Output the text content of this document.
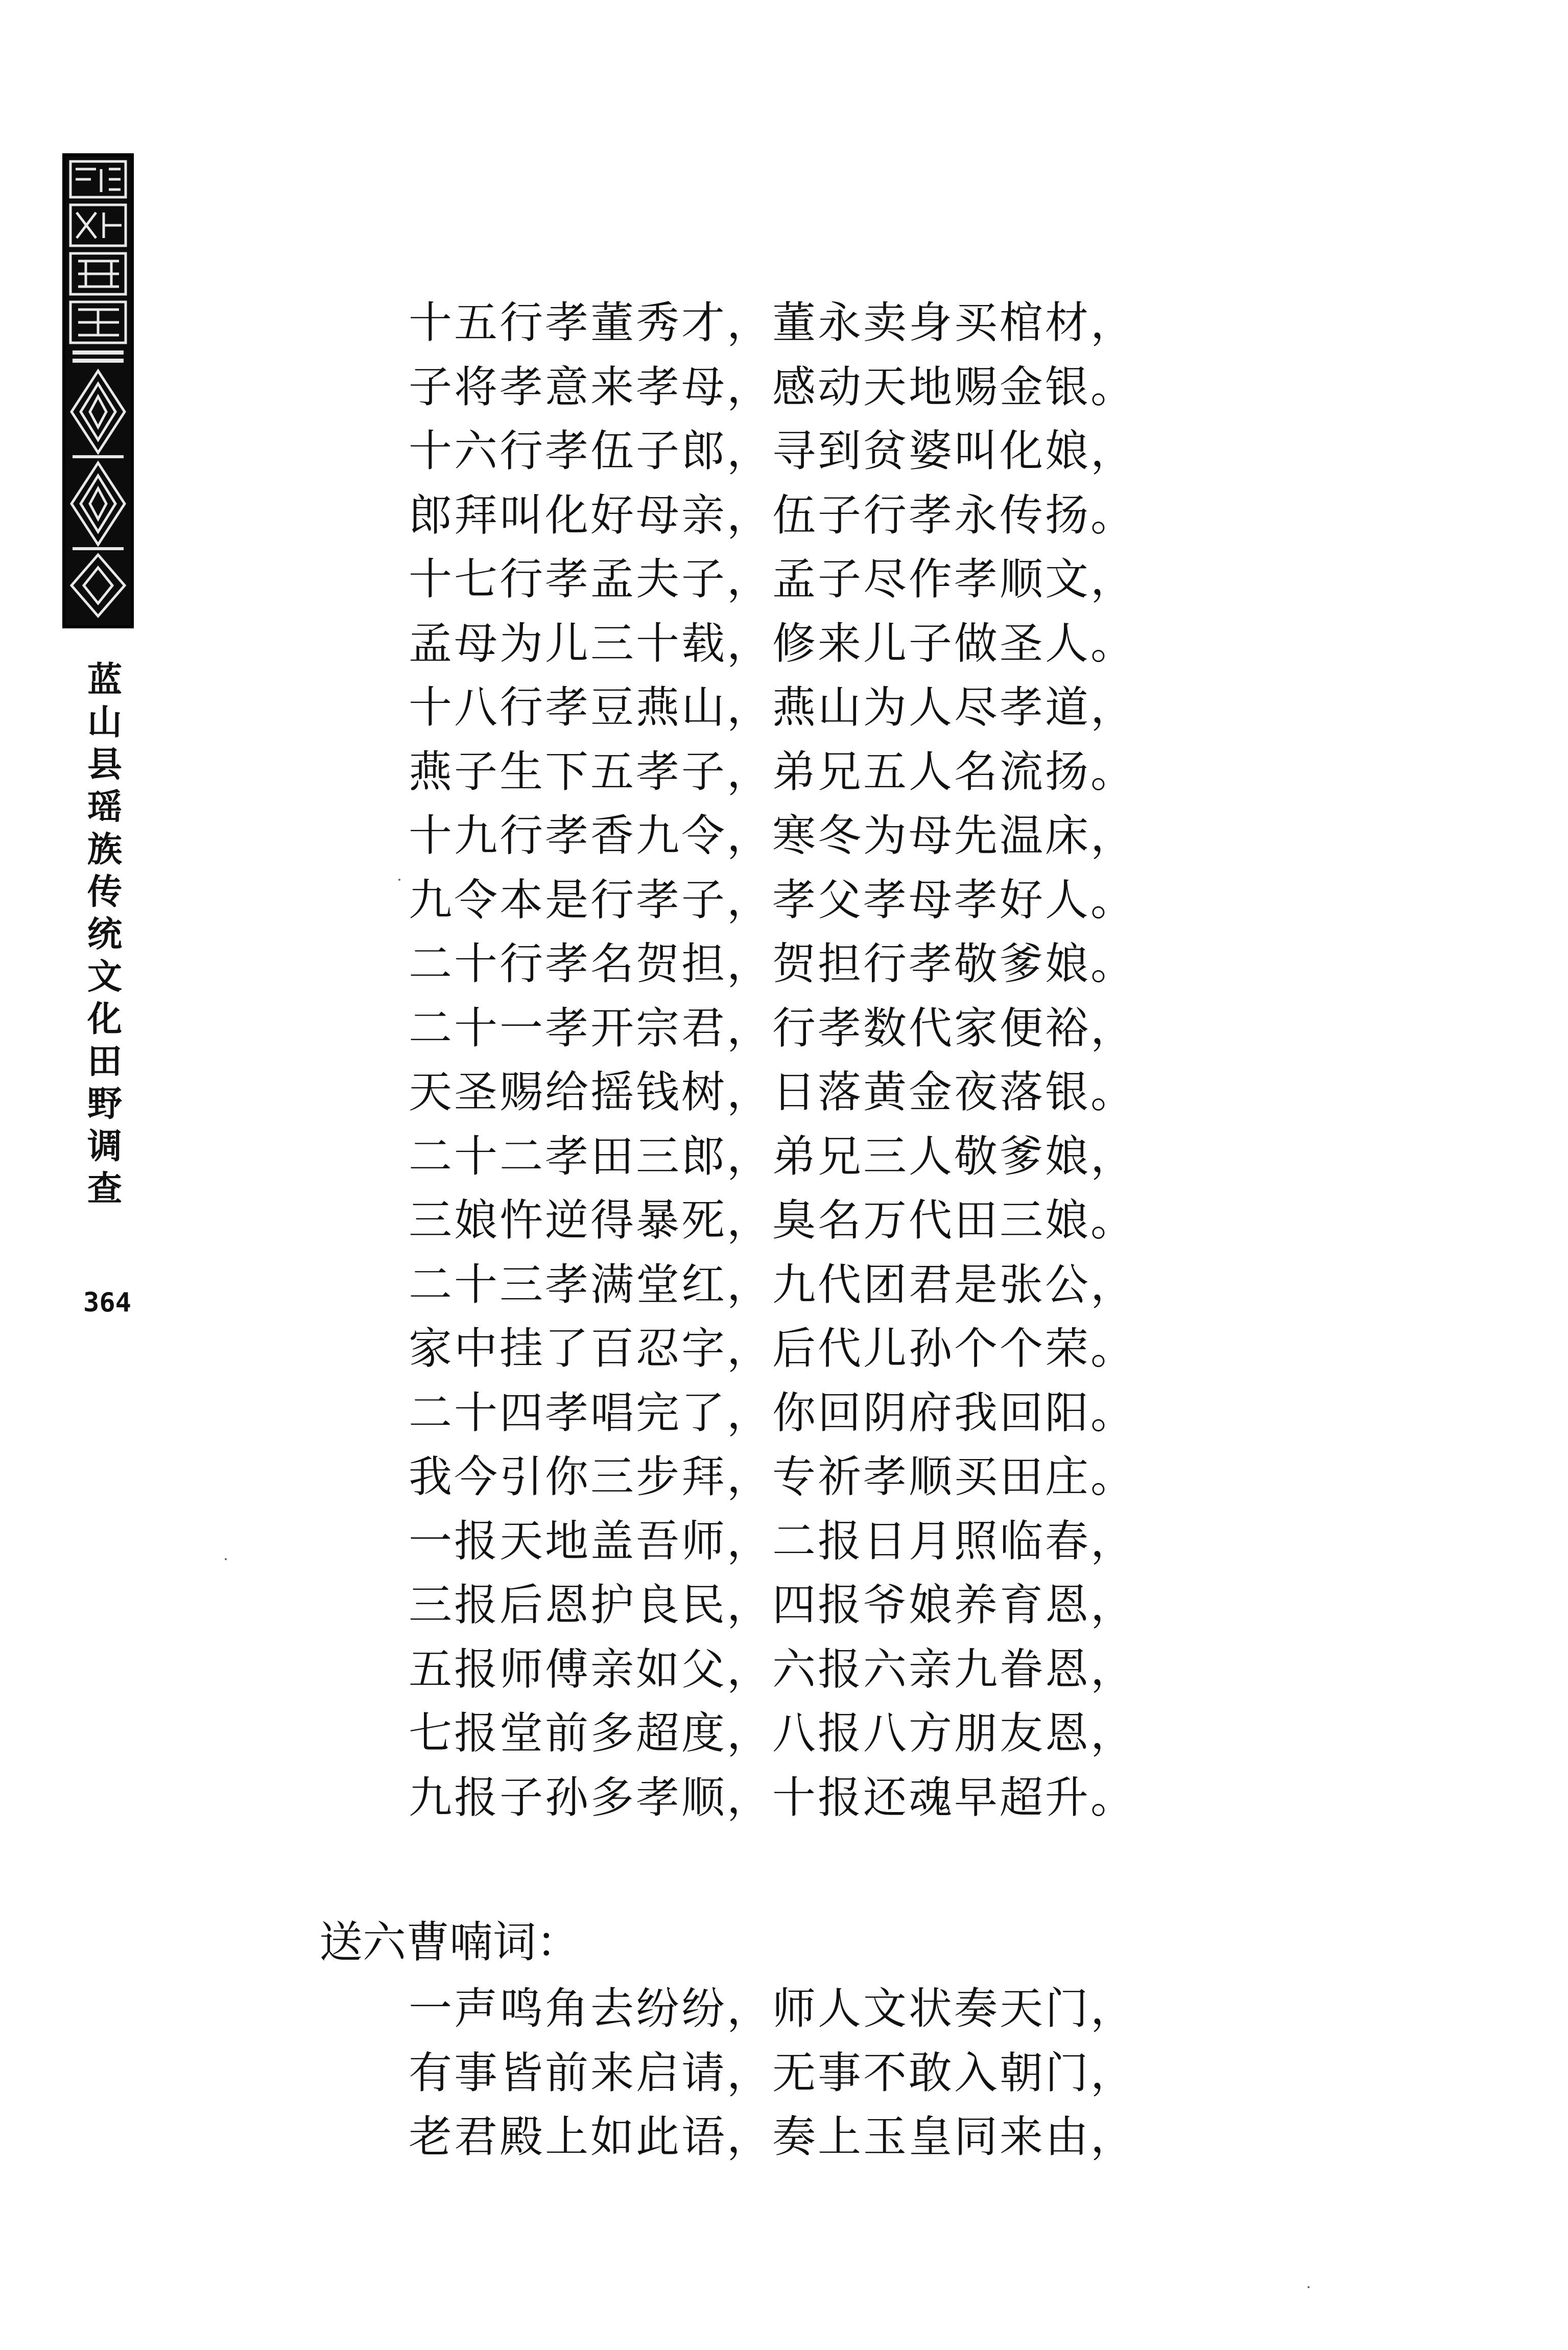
蓝山县瑶族传统文化田野调查
364
十五行孝董秀才，董永卖身买棺材，
子将孝意来孝母，感动天地赐金银。
十六行孝伍子郎，寻到贫婆叫化娘，
郎拜叫化好母亲，伍子行孝永传扬。
十七行孝孟夫子，孟子尽作孝顺文，
孟母为儿三十载，修来儿子做圣人。
十八行孝豆燕山，燕山为人尽孝道，
燕子生下五孝子，弟兄五人名流扬。
十九行孝香九令，寒冬为母先温床，
九令本是行孝子，孝父孝母孝好人。
二十行孝名贺担，贺担行孝敬爹娘。
二十一孝开宗君，行孝数代家便裕，
天圣赐给摇钱树，日落黄金夜落银。
二十二孝田三郎，弟兄三人敬爹娘，
三娘忤逆得暴死，臭名万代田三娘。
二十三孝满堂红，九代团君是张公，
家中挂了百忍字，后代儿孙个个荣。
二十四孝唱完了，你回阴府我回阳。
我今引你三步拜，专祈孝顺买田庄。
一报天地盖吾师，二报日月照临春，
三报后恩护良民，四报爷娘养育恩，
五报师傅亲如父，六报六亲九眷恩，
七报堂前多超度，八报八方朋友恩，
九报子孙多孝顺，十报还魂早超升。
送六曹喃词：
一声鸣角去纷纷，师人文状奏天门，
有事皆前来启请，无事不敢入朝门，
老君殿上如此语，奏上玉皇同来由，
